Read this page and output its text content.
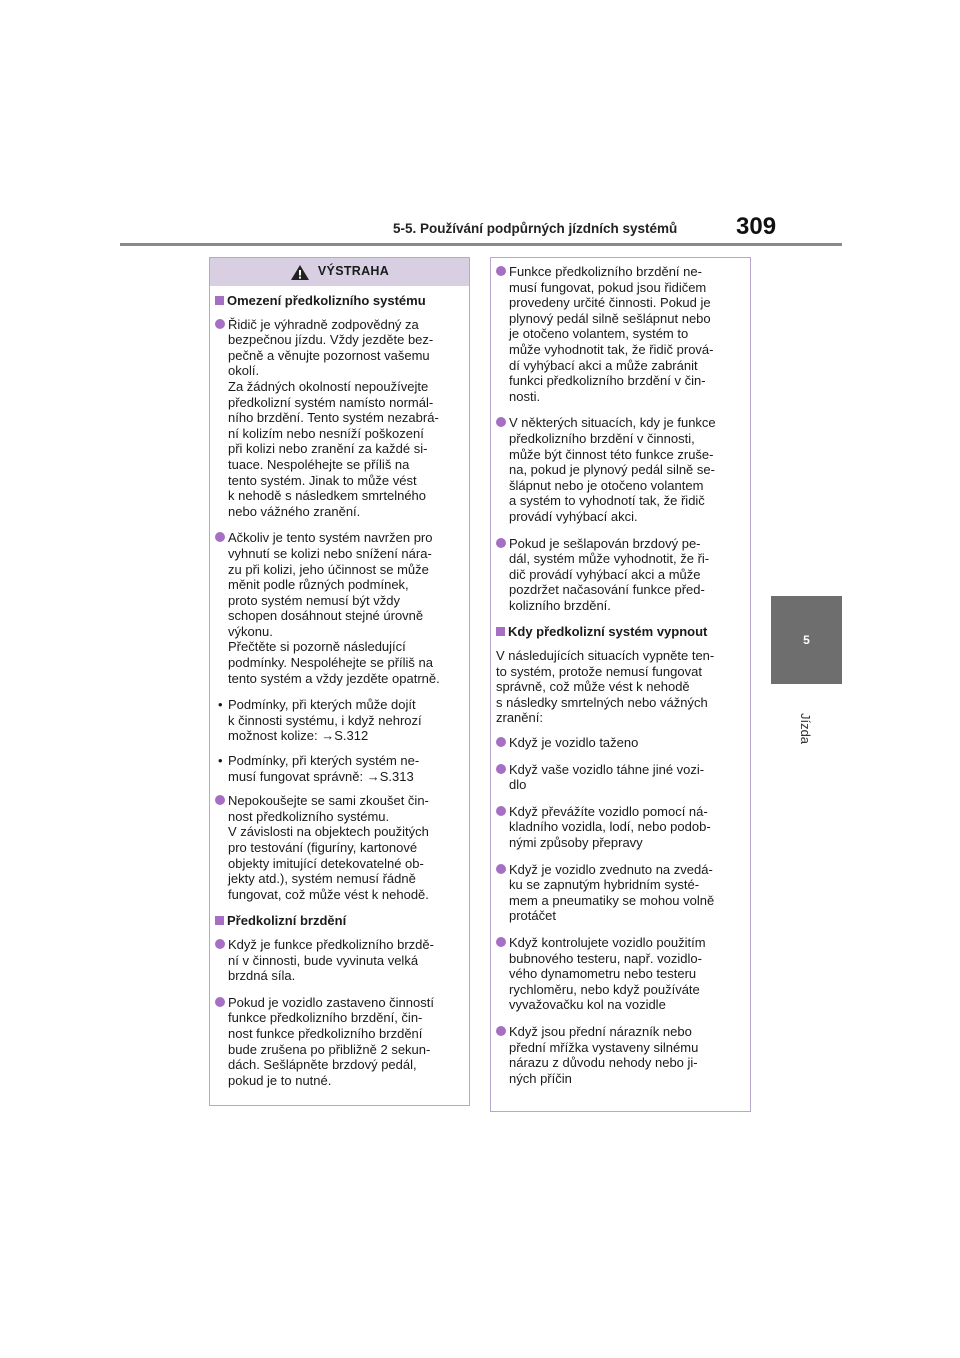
5-5. Používání podpůrných jízdních systémů 309
5
Jízda
VÝSTRAHA
Omezení předkolizního systému
Řidič je výhradně zodpovědný za
bezpečnou jízdu. Vždy jezděte bez-
pečně a věnujte pozornost vašemu
okolí.
Za žádných okolností nepoužívejte
předkolizní systém namísto normál-
ního brzdění. Tento systém nezabrá-
ní kolizím nebo nesníží poškození
při kolizi nebo zranění za každé si-
tuace. Nespoléhejte se příliš na
tento systém. Jinak to může vést
k nehodě s následkem smrtelného
nebo vážného zranění.
Ačkoliv je tento systém navržen pro
vyhnutí se kolizi nebo snížení nára-
zu při kolizi, jeho účinnost se může
měnit podle různých podmínek,
proto systém nemusí být vždy
schopen dosáhnout stejné úrovně
výkonu.
Přečtěte si pozorně následující
podmínky. Nespoléhejte se příliš na
tento systém a vždy jezděte opatrně.
• Podmínky, při kterých může dojít
k činnosti systému, i když nehrozí
možnost kolize: →S.312
• Podmínky, při kterých systém ne-
musí fungovat správně: →S.313
Nepokoušejte se sami zkoušet čin-
nost předkolizního systému.
V závislosti na objektech použitých
pro testování (figuríny, kartonové
objekty imitující detekovatelné ob-
jekty atd.), systém nemusí řádně
fungovat, což může vést k nehodě.
Předkolizní brzdění
Když je funkce předkolizního brzdě-
ní v činnosti, bude vyvinuta velká
brzdná síla.
Pokud je vozidlo zastaveno činností
funkce předkolizního brzdění, čin-
nost funkce předkolizního brzdění
bude zrušena po přibližně 2 sekun-
dách. Sešlápněte brzdový pedál,
pokud je to nutné.
Funkce předkolizního brzdění ne-
musí fungovat, pokud jsou řidičem
provedeny určité činnosti. Pokud je
plynový pedál silně sešlápnut nebo
je otočeno volantem, systém to
může vyhodnotit tak, že řidič prová-
dí vyhýbací akci a může zabránit
funkci předkolizního brzdění v čin-
nosti.
V některých situacích, kdy je funkce
předkolizního brzdění v činnosti,
může být činnost této funkce zruše-
na, pokud je plynový pedál silně se-
šlápnut nebo je otočeno volantem
a systém to vyhodnotí tak, že řidič
provádí vyhýbací akci.
Pokud je sešlapován brzdový pe-
dál, systém může vyhodnotit, že ři-
dič provádí vyhýbací akci a může
pozdržet načasování funkce před-
kolizního brzdění.
Kdy předkolizní systém vypnout
V následujících situacích vypněte ten-
to systém, protože nemusí fungovat
správně, což může vést k nehodě
s následky smrtelných nebo vážných
zranění:
Když je vozidlo taženo
Když vaše vozidlo táhne jiné vozi-
dlo
Když převážíte vozidlo pomocí ná-
kladního vozidla, lodí, nebo podob-
nými způsoby přepravy
Když je vozidlo zvednuto na zvedá-
ku se zapnutým hybridním systé-
mem a pneumatiky se mohou volně
protáčet
Když kontrolujete vozidlo použitím
bubnového testeru, např. vozidlo-
vého dynamometru nebo testeru
rychloměru, nebo když používáte
vyvažovačku kol na vozidle
Když jsou přední nárazník nebo
přední mřížka vystaveny silnému
nárazu z důvodu nehody nebo ji-
ných příčin
